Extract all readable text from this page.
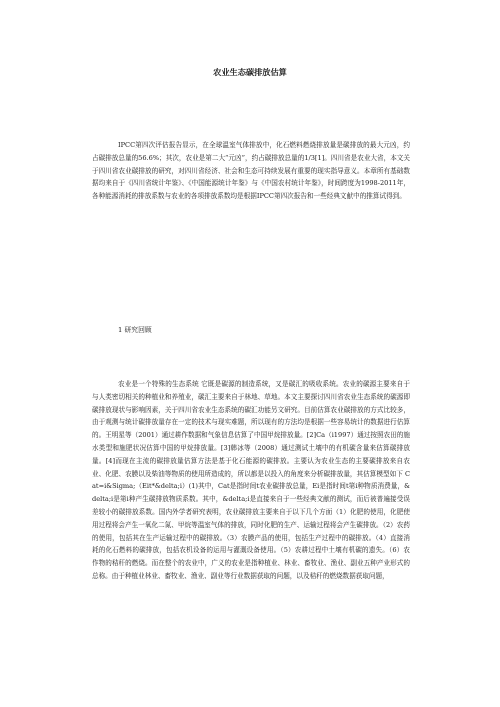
农业生态碳排放估算

IPCC第四次评估报告显示，在全球温室气体排放中，化石燃料燃烧排放量是碳排放的最大元凶，约占碳排放总量的56.6%；其次，农业是第二大“元凶”，约占碳排放总量的1/3[1]。四川省是农业大省，本文关于四川省农业碳排放的研究，对四川省经济、社会和生态可持续发展有重要的现实指导意义。本章所有基础数据均来自于《四川省统计年鉴》、《中国能源统计年鉴》与《中国农村统计年鉴》，时间跨度为1998-2011年，各种能源消耗的排放系数与农业的各项排放系数均是根据IPCC第四次报告和一些经典文献中的推算试得到。

1 研究回顾

农业是一个特殊的生态系统 它既是碳源的制造系统，又是碳汇的吸收系统。农业的碳源主要来自于与人类密切相关的种植业和养殖业，碳汇主要来自于林地、草地。本文主要探讨四川省农业生态系统的碳源即碳排放现状与影响因素，关于四川省农业生态系统的碳汇功能另文研究。目前估算农业碳排放的方式比较多，由于观测与统计碳排放量存在一定的技术与现实难题，所以现有的方法均是根据一些容易统计的数据进行估算的。王明星等（2001）通过耕作数据和气象信息估算了中国甲烷排放量。[2]Ca（i1997）通过按照农田的施水类型和施肥状况估算中国的甲烷排放量。[3]韩冰等（2008）通过测试土壤中的有机碳含量来估算碳排放量。[4]而现在主流的碳排放量估算方法是基于化石能源的碳排放。主要认为农业生态的主要碳排放来自农业、化肥、农膜以及柴油等物质的使用所造成的，所以都是以投入的角度来分析碳排放量，其估算模型如下 Cat=i&Sigma;（Eit*&delta;i）(1)其中，Cat是指时间t农业碳排放总量，Ei是指时间t第i种物质消费量，&delta;i是第i种产生碳排放物质系数。其中，&delta;i是直接来自于一些经典文献的测试，而后被普遍接受误差较小的碳排放系数。国内外学者研究表明，农业碳排放主要来自于以下几个方面（1）化肥的使用，化肥使用过程将会产生一氧化二氮、甲烷等温室气体的排放，同时化肥的生产、运输过程将会产生碳排放。（2）农药的使用，包括其在生产运输过程中的碳排放。（3）农膜产品的使用，包括生产过程中的碳排放。（4）直接消耗的化石燃料的碳排放，包括农机设备的运用与灌溉设备使用。（5）农耕过程中土壤有机碳的遗失。（6）农作物的秸秆的燃烧。而在整个的农业中，广义的农业是指种植业、林业、畜牧业、渔业、副业五种产业形式的总称。由于种植业林业、畜牧业、渔业、副业等行业数据获取的问题，以及秸秆的燃烧数据获取问题，
